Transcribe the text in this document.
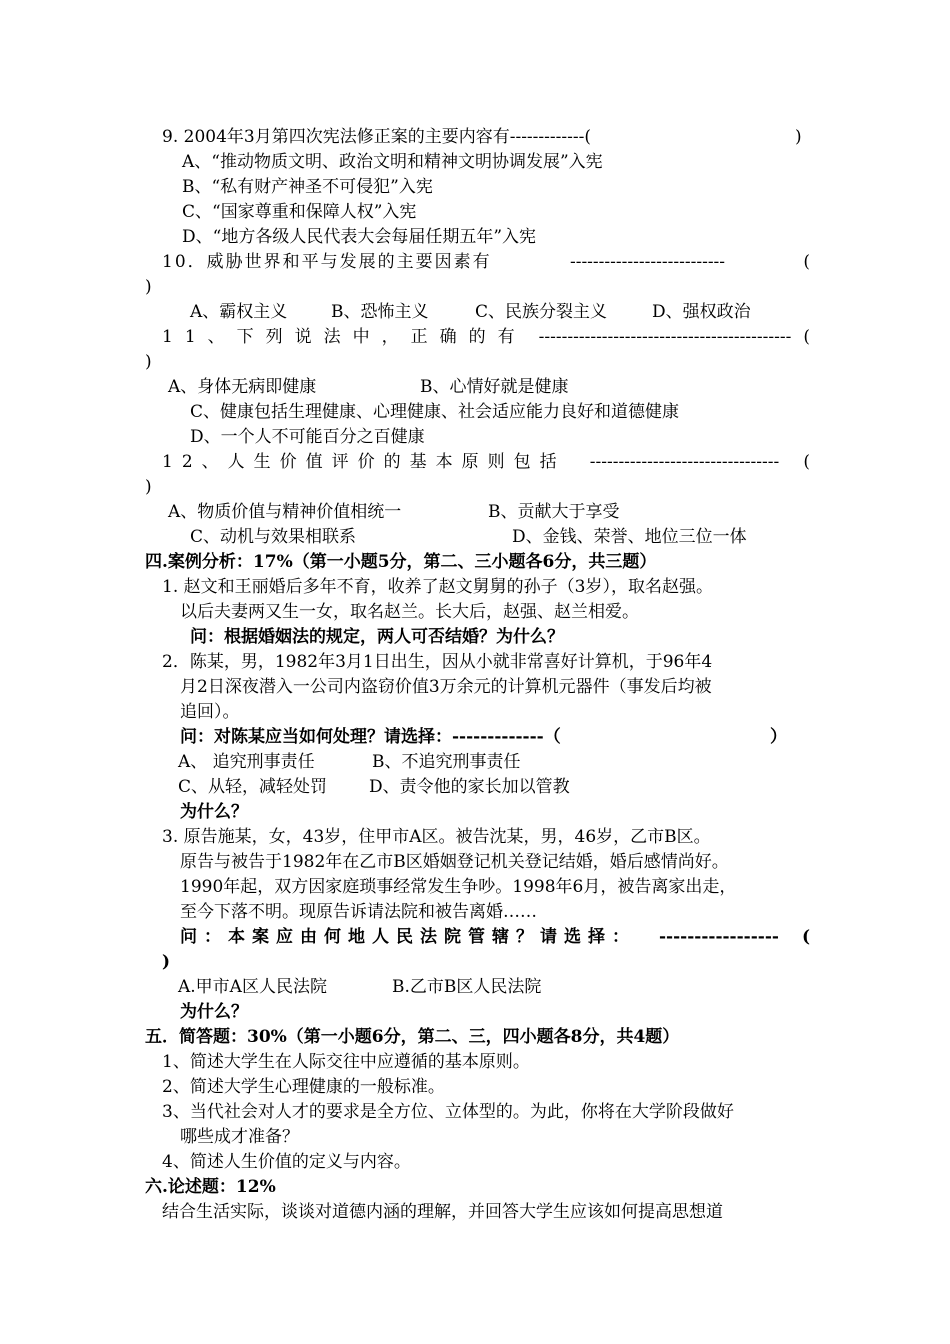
9. 2004年3月第四次宪法修正案的主要内容有-------------(	)
A、“推动物质文明、政治文明和精神文明协调发展”入宪
B、“私有财产神圣不可侵犯”入宪
C、“国家尊重和保障人权”入宪
D、“地方各级人民代表大会每届任期五年”入宪
10．威胁世界和平与发展的主要因素有	---------------------------	(
)
A、霸权主义	B、恐怖主义	C、民族分裂主义	D、强权政治
11、下列说法中，正确的有 -------------------------------------------- (
)
A、身体无病即健康	B、心情好就是健康
C、健康包括生理健康、心理健康、社会适应能力良好和道德健康
D、一个人不可能百分之百健康
12、人生价值评价的基本原则包括 --------------------------------- (
)
A、物质价值与精神价值相统一	B、贡献大于享受
C、动机与效果相联系	D、金钱、荣誉、地位三位一体
四.案例分析：17%（第一小题5分，第二、三小题各6分，共三题）
1. 赵文和王丽婚后多年不育，收养了赵文舅舅的孙子（3岁），取名赵强。
以后夫妻两又生一女，取名赵兰。长大后，赵强、赵兰相爱。
问：根据婚姻法的规定，两人可否结婚？为什么？
2．陈某，男，1982年3月1日出生，因从小就非常喜好计算机，于96年4
月2日深夜潜入一公司内盗窃价值3万余元的计算机元器件（事发后均被
追回）。
问：对陈某应当如何处理？请选择：-------------（	）
A、 追究刑事责任	B、不追究刑事责任
C、从轻，减轻处罚 D、责令他的家长加以管教
为什么？
3. 原告施某，女，43岁，住甲市A区。被告沈某，男，46岁，乙市B区。
原告与被告于1982年在乙市B区婚姻登记机关登记结婚，婚后感情尚好。
1990年起，双方因家庭琐事经常发生争吵。1998年6月，被告离家出走，
至今下落不明。现原告诉请法院和被告离婚……
问：本案应由何地人民法院管辖？请选择： ----------------- (
)
A.甲市A区人民法院	B.乙市B区人民法院
为什么？
五．简答题：30%（第一小题6分，第二、三，四小题各8分，共4题）
1、简述大学生在人际交往中应遵循的基本原则。
2、简述大学生心理健康的一般标准。
3、当代社会对人才的要求是全方位、立体型的。为此，你将在大学阶段做好
哪些成才准备？
4、简述人生价值的定义与内容。
六.论述题：12%
结合生活实际，谈谈对道德内涵的理解，并回答大学生应该如何提高思想道
